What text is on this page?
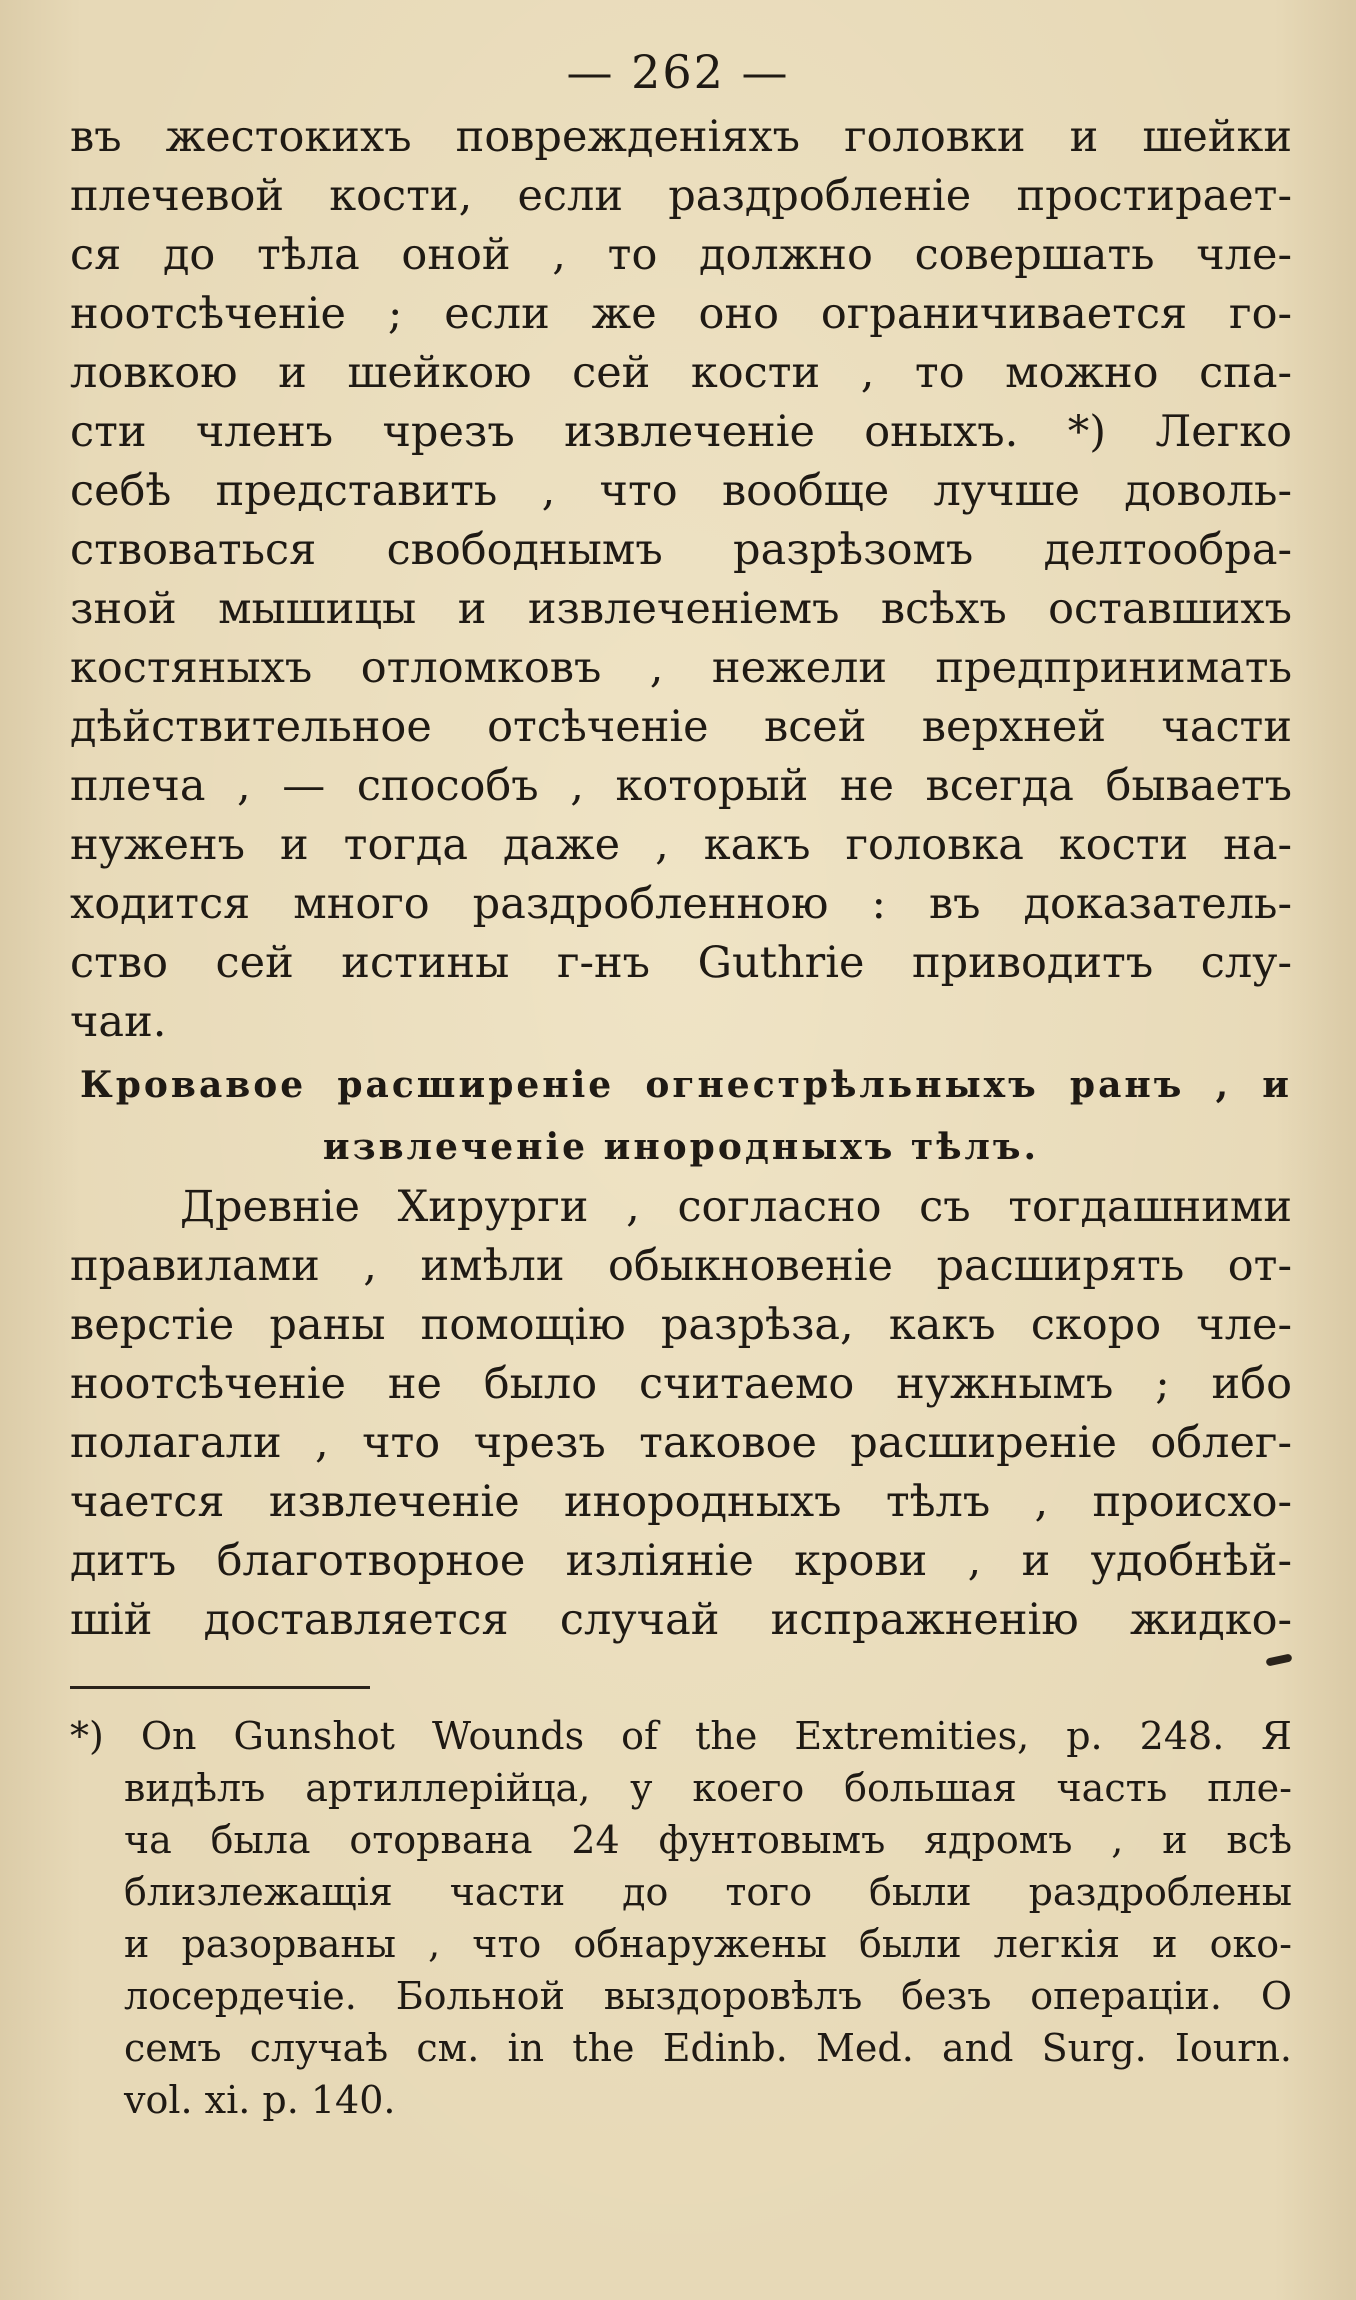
— 262 —
въ жестокихъ поврежденіяхъ головки и шейки
плечевой кости, если раздробленіе простирает-
ся до тѣла оной , то должно совершать чле-
ноотсѣченіе ; если же оно ограничивается го-
ловкою и шейкою сей кости , то можно спа-
сти членъ чрезъ извлеченіе оныхъ. *) Легко
себѣ представить , что вообще лучше доволь-
ствоваться свободнымъ разрѣзомъ делтообра-
зной мышицы и извлеченіемъ всѣхъ оставшихъ
костяныхъ отломковъ , нежели предпринимать
дѣйствительное отсѣченіе всей верхней части
плеча , — способъ , который не всегда бываетъ
нуженъ и тогда даже , какъ головка кости на-
ходится много раздробленною : въ доказатель-
ство сей истины г-нъ Guthrie приводитъ слу-
чаи.
Кровавое расширеніе огнестрѣльныхъ ранъ , и
извлеченіе инородныхъ тѣлъ.
Древніе Хирурги , согласно съ тогдашними
правилами , имѣли обыкновеніе расширять от-
верстіе раны помощію разрѣза, какъ скоро чле-
ноотсѣченіе не было считаемо нужнымъ ; ибо
полагали , что чрезъ таковое расширеніе облег-
чается извлеченіе инородныхъ тѣлъ , происхо-
дитъ благотворное изліяніе крови , и удобнѣй-
шій доставляется случай испражненію жидко-
*) On Gunshot Wounds of the Extremities, p. 248. Я
видѣлъ артиллерійца, у коего большая часть пле-
ча была оторвана 24 фунтовымъ ядромъ , и всѣ
близлежащія части до того были раздроблены
и разорваны , что обнаружены были легкія и око-
лосердечіе. Больной выздоровѣлъ безъ операціи. О
семъ случаѣ см. in the Edinb. Med. and Surg. Iourn.
vol. xi. p. 140.
